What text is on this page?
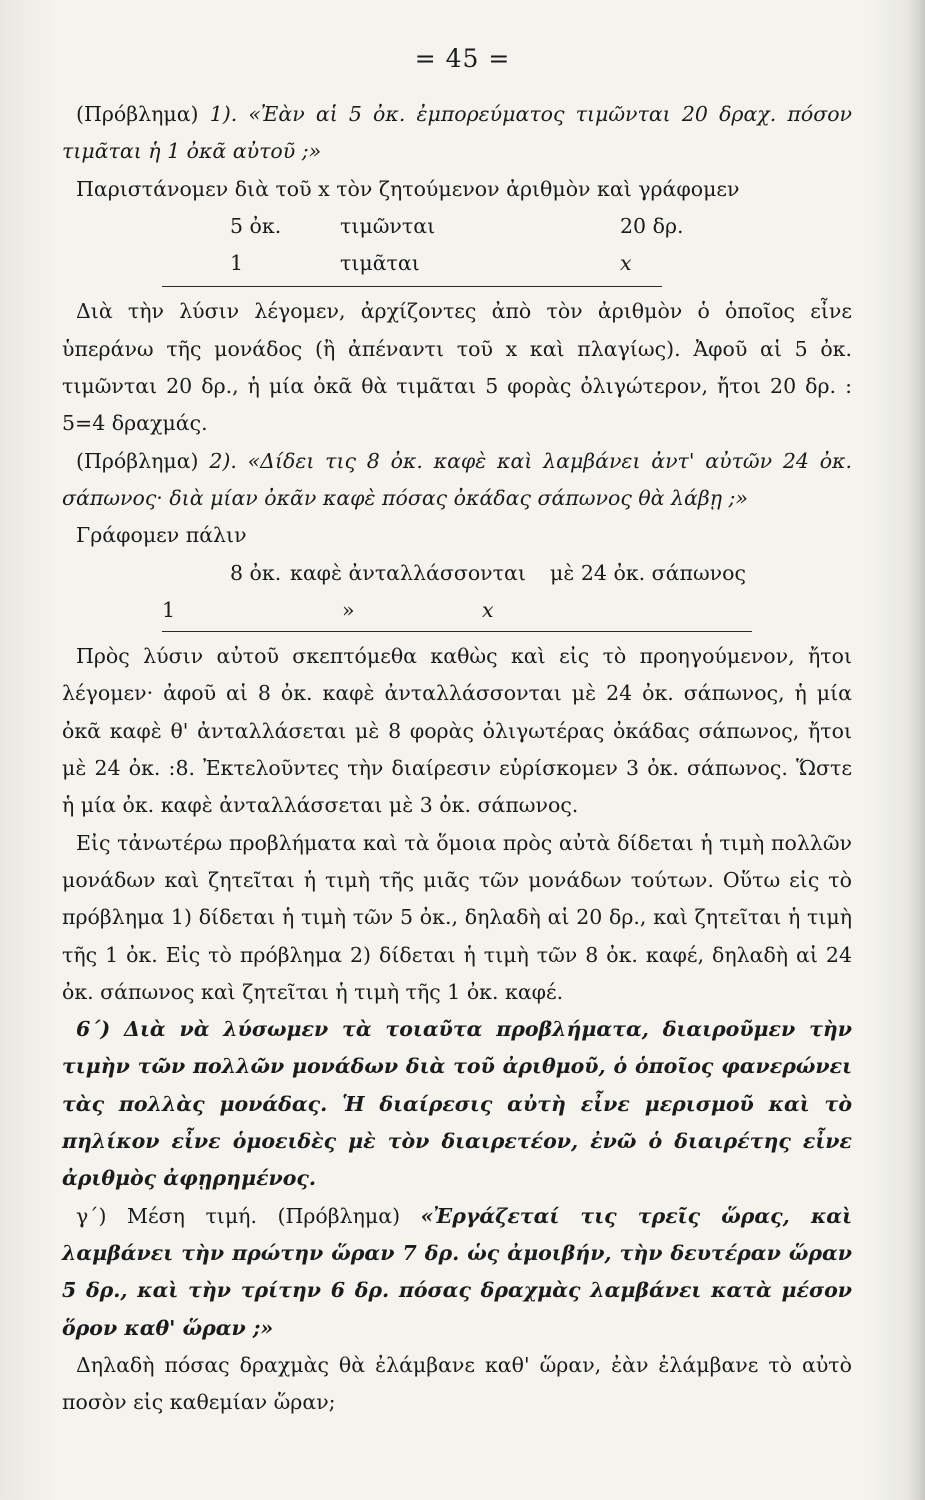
= 45 =

(Πρόβλημα) 1). «Ἐὰν αἱ 5 ὀκ. ἐμπορεύματος τιμῶνται 20 δραχ. πόσον τιμᾶται ἡ 1 ὀκᾶ αὐτοῦ ;»

Παριστάνομεν διὰ τοῦ x τὸν ζητούμενον ἀριθμὸν καὶ γράφομεν

5 ὀκ.	τιμῶνται	20 δρ.
1	τιμᾶται	x

Διὰ τὴν λύσιν λέγομεν, ἀρχίζοντες ἀπὸ τὸν ἀριθμὸν ὁ ὁποῖος εἶνε ὑπεράνω τῆς μονάδος (ἢ ἀπέναντι τοῦ x καὶ πλαγίως). Ἀφοῦ αἱ 5 ὀκ. τιμῶνται 20 δρ., ἡ μία ὀκᾶ θὰ τιμᾶται 5 φορὰς ὀλιγώτερον, ἤτοι 20 δρ. : 5=4 δραχμάς.

(Πρόβλημα) 2). «Δίδει τις 8 ὀκ. καφὲ καὶ λαμβάνει ἀντ' αὐτῶν 24 ὀκ. σάπωνος· διὰ μίαν ὀκᾶν καφὲ πόσας ὀκάδας σάπωνος θὰ λάβῃ ;»

Γράφομεν πάλιν

8 ὀκ. καφὲ ἀνταλλάσσονται	μὲ 24 ὀκ. σάπωνος
1	»	x

Πρὸς λύσιν αὐτοῦ σκεπτόμεθα καθὼς καὶ εἰς τὸ προηγούμενον, ἤτοι λέγομεν· ἀφοῦ αἱ 8 ὀκ. καφὲ ἀνταλλάσσονται μὲ 24 ὀκ. σάπωνος, ἡ μία ὀκᾶ καφὲ θ' ἀνταλλάσεται μὲ 8 φορὰς ὀλιγωτέρας ὀκάδας σάπωνος, ἤτοι μὲ 24 ὀκ. :8. Ἐκτελοῦντες τὴν διαίρεσιν εὑρίσκομεν 3 ὀκ. σάπωνος. Ὥστε ἡ μία ὀκ. καφὲ ἀνταλλάσσεται μὲ 3 ὀκ. σάπωνος.

Εἰς τἀνωτέρω προβλήματα καὶ τὰ ὅμοια πρὸς αὐτὰ δίδεται ἡ τιμὴ πολλῶν μονάδων καὶ ζητεῖται ἡ τιμὴ τῆς μιᾶς τῶν μονάδων τούτων. Οὕτω εἰς τὸ πρόβλημα 1) δίδεται ἡ τιμὴ τῶν 5 ὀκ., δηλαδὴ αἱ 20 δρ., καὶ ζητεῖται ἡ τιμὴ τῆς 1 ὀκ. Εἰς τὸ πρόβλημα 2) δίδεται ἡ τιμὴ τῶν 8 ὀκ. καφέ, δηλαδὴ αἱ 24 ὀκ. σάπωνος καὶ ζητεῖται ἡ τιμὴ τῆς 1 ὀκ. καφέ.

6΄) Διὰ νὰ λύσωμεν τὰ τοιαῦτα προβλήματα, διαιροῦμεν τὴν τιμὴν τῶν πολλῶν μονάδων διὰ τοῦ ἀριθμοῦ, ὁ ὁποῖος φανερώνει τὰς πολλὰς μονάδας. Ἡ διαίρεσις αὐτὴ εἶνε μερισμοῦ καὶ τὸ πηλίκον εἶνε ὁμοειδὲς μὲ τὸν διαιρετέον, ἐνῶ ὁ διαιρέτης εἶνε ἀριθμὸς ἀφῃρημένος.

γ΄) Μέση τιμή. (Πρόβλημα) «Ἐργάζεταί τις τρεῖς ὥρας, καὶ λαμβάνει τὴν πρώτην ὥραν 7 δρ. ὡς ἀμοιβήν, τὴν δευτέραν ὥραν 5 δρ., καὶ τὴν τρίτην 6 δρ. πόσας δραχμὰς λαμβάνει κατὰ μέσον ὅρον καθ' ὥραν ;»

Δηλαδὴ πόσας δραχμὰς θὰ ἐλάμβανε καθ' ὥραν, ἐὰν ἐλάμβανε τὸ αὐτὸ ποσὸν εἰς καθεμίαν ὥραν;
